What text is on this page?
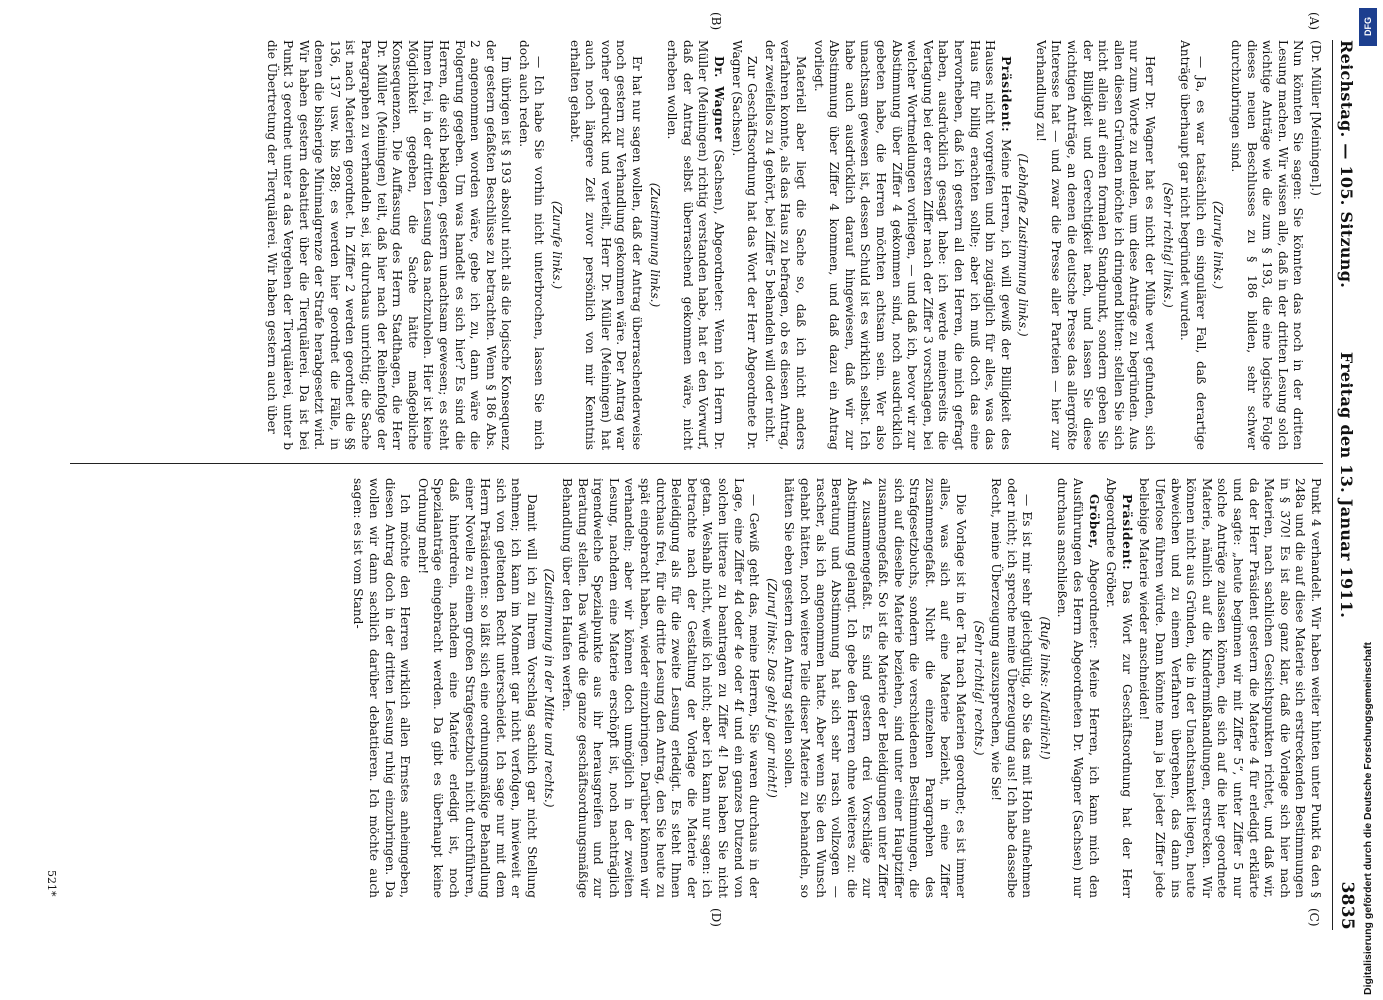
Reichstag. — 105. Sitzung.
Freitag den 13. Januar 1911.
3835
(A)
(B)
(C)
(D)

(Dr. Müller [Meiningen].)

Nun könnten Sie sagen: Sie könnten das noch in der dritten Lesung machen. Wir wissen alle, daß in der dritten Lesung solch wichtige Anträge wie die zum § 193, die eine logische Folge dieses neuen Beschlusses zu § 186 bilden, sehr schwer durchzubringen sind.

(Zurufe links.)

— Ja, es war tatsächlich ein singulärer Fall, daß derartige Anträge überhaupt gar nicht begründet wurden.

(Sehr richtig! links.)

Herr Dr. Wagner hat es nicht der Mühe wert gefunden, sich nur zum Worte zu melden, um diese Anträge zu begründen. Aus allen diesen Gründen möchte ich dringend bitten: stellen Sie sich nicht allein auf einen formalen Standpunkt, sondern geben Sie der Billigkeit und Gerechtigkeit nach, und lassen Sie diese wichtigen Anträge, an denen die deutsche Presse das allergrößte Interesse hat — und zwar die Presse aller Parteien — hier zur Verhandlung zu!

(Lebhafte Zustimmung links.)

Präsident: Meine Herren, ich will gewiß der Billigkeit des Hauses nicht vorgreifen und bin zugänglich für alles, was das Haus für billig erachten sollte; aber ich muß doch das eine hervorheben, daß ich gestern all den Herren, die mich gefragt haben, ausdrücklich gesagt habe: ich werde meinerseits die Vertagung bei der ersten Ziffer nach der Ziffer 3 vorschlagen, bei welcher Wortmeldungen vorliegen, — und daß ich, bevor wir zur Abstimmung über Ziffer 4 gekommen sind, noch ausdrücklich gebeten habe, die Herren möchten achtsam sein. Wer also unachtsam gewesen ist, dessen Schuld ist es wirklich selbst. Ich habe auch ausdrücklich darauf hingewiesen, daß wir zur Abstimmung über Ziffer 4 kommen, und daß dazu ein Antrag vorliegt.

Materiell aber liegt die Sache so, daß ich nicht anders verfahren konnte, als das Haus zu befragen, ob es diesen Antrag, der zweifellos zu 4 gehört, bei Ziffer 5 behandeln will oder nicht.

Zur Geschäftsordnung hat das Wort der Herr Abgeordnete Dr. Wagner (Sachsen).

Dr. Wagner (Sachsen), Abgeordneter: Wenn ich Herrn Dr. Müller (Meiningen) richtig verstanden habe, hat er den Vorwurf, daß der Antrag selbst überraschend gekommen wäre, nicht erheben wollen.

(Zustimmung links.)

Er hat nur sagen wollen, daß der Antrag überraschenderweise noch gestern zur Verhandlung gekommen wäre. Der Antrag war vorher gedruckt und verteilt, Herr Dr. Müller (Meiningen) hat auch noch längere Zeit zuvor persönlich von mir Kenntnis erhalten gehabt.

(Zurufe links.)

— Ich habe Sie vorhin nicht unterbrochen, lassen Sie mich doch auch reden.

Im übrigen ist § 193 absolut nicht als die logische Konsequenz der gestern gefaßten Beschlüsse zu betrachten. Wenn § 186 Abs. 2 angenommen worden wäre, gebe ich zu, dann wäre die Folgerung gegeben. Um was handelt es sich hier? Es sind die Herren, die sich beklagen, gestern unachtsam gewesen; es steht Ihnen frei, in der dritten Lesung das nachzuholen. Hier ist keine Möglichkeit gegeben, die Sache hätte maßgebliche Konsequenzen. Die Auffassung des Herrn Stadthagen, die Herr Dr. Müller (Meiningen) teilt, daß hier nach der Reihenfolge der Paragraphen zu verhandeln sei, ist durchaus unrichtig; die Sache ist nach Materien geordnet. In Ziffer 2 werden geordnet die §§ 136, 137 usw. bis 288; es werden hier geordnet die Fälle, in denen die bisherige Minimalgrenze der Strafe herabgesetzt wird. Wir haben gestern debattiert über die Tierquälerei. Da ist bei Punkt 3 geordnet unter a das Vergehen der Tierquälerei, unter b die Übertretung der Tierquälerei. Wir haben gestern auch über

Punkt 4 verhandelt. Wir haben weiter hinten unter Punkt 6a den § 248a und die auf diese Materie sich erstreckenden Bestimmungen in § 370! Es ist also ganz klar, daß die Vorlage sich hier nach Materien, nach sachlichen Gesichtspunkten richtet, und daß wir, da der Herr Präsident gestern die Materie 4 für erledigt erklärte und sagte: „heute beginnen wir mit Ziffer 5“, unter Ziffer 5 nur solche Anträge zulassen können, die sich auf die hier geordnete Materie, nämlich auf die Kindermißhandlungen, erstrecken. Wir können nicht aus Gründen, die in der Unachtsamkeit liegen, heute abweichen und zu einem Verfahren übergehen, das dann ins Uferlose führen würde. Dann könnte man ja bei jeder Ziffer jede beliebige Materie wieder anschneiden!

Präsident: Das Wort zur Geschäftsordnung hat der Herr Abgeordnete Gröber.

Gröber, Abgeordneter: Meine Herren, ich kann mich den Ausführungen des Herrn Abgeordneten Dr. Wagner (Sachsen) nur durchaus anschließen.

(Rufe links: Natürlich!)

— Es ist mir sehr gleichgültig, ob Sie das mit Hohn aufnehmen oder nicht; ich spreche meine Überzeugung aus! Ich habe dasselbe Recht, meine Überzeugung auszusprechen, wie Sie!

(Sehr richtig! rechts.)

Die Vorlage ist in der Tat nach Materien geordnet; es ist immer alles, was sich auf eine Materie bezieht, in eine Ziffer zusammengefaßt. Nicht die einzelnen Paragraphen des Strafgesetzbuchs, sondern die verschiedenen Bestimmungen, die sich auf dieselbe Materie beziehen, sind unter einer Hauptziffer zusammengefaßt. So ist die Materie der Beleidigungen unter Ziffer 4 zusammengefaßt. Es sind gestern drei Vorschläge zur Abstimmung gelangt. Ich gebe den Herren ohne weiteres zu: die Beratung und Abstimmung hat sich sehr rasch vollzogen — rascher, als ich angenommen hatte. Aber wenn Sie den Wunsch gehabt hätten, noch weitere Teile dieser Materie zu behandeln, so hätten Sie eben gestern den Antrag stellen sollen.

(Zuruf links: Das geht ja gar nicht!)

— Gewiß geht das, meine Herren, Sie waren durchaus in der Lage, eine Ziffer 4d oder 4e oder 4f und ein ganzes Dutzend von solchen litterae zu beantragen zu Ziffer 4! Das haben Sie nicht getan. Weshalb nicht, weiß ich nicht; aber ich kann nur sagen: ich betrachte nach der Gestaltung der Vorlage die Materie der Beleidigung als für die zweite Lesung erledigt. Es steht Ihnen durchaus frei, für die dritte Lesung den Antrag, den Sie heute zu spät eingebracht haben, wieder einzubringen. Darüber können wir verhandeln; aber wir können doch unmöglich in der zweiten Lesung, nachdem eine Materie erschöpft ist, noch nachträglich irgendwelche Spezialpunkte aus ihr herausgreifen und zur Beratung stellen. Das würde die ganze geschäftsordnungsmäßige Behandlung über den Haufen werfen.

(Zustimmung in der Mitte und rechts.)

Damit will ich zu Ihrem Vorschlag sachlich gar nicht Stellung nehmen; ich kann im Moment gar nicht verfolgen, inwieweit er sich von geltenden Recht unterscheidet. Ich sage nur mit dem Herrn Präsidenten: so läßt sich eine ordnungsmäßige Behandlung einer Novelle zu einem großen Strafgesetzbuch nicht durchführen, daß hinterdrein, nachdem eine Materie erledigt ist, noch Spezialanträge eingebracht werden. Da gibt es überhaupt keine Ordnung mehr!

Ich möchte den Herren wirklich allen Ernstes anheimgeben, diesen Antrag doch in der dritten Lesung ruhig einzubringen. Da wollen wir dann sachlich darüber debattieren. Ich möchte auch sagen: es ist vom Stand-

521*
DFG
Digitalisierung gefördert durch die Deutsche Forschungsgemeinschaft
